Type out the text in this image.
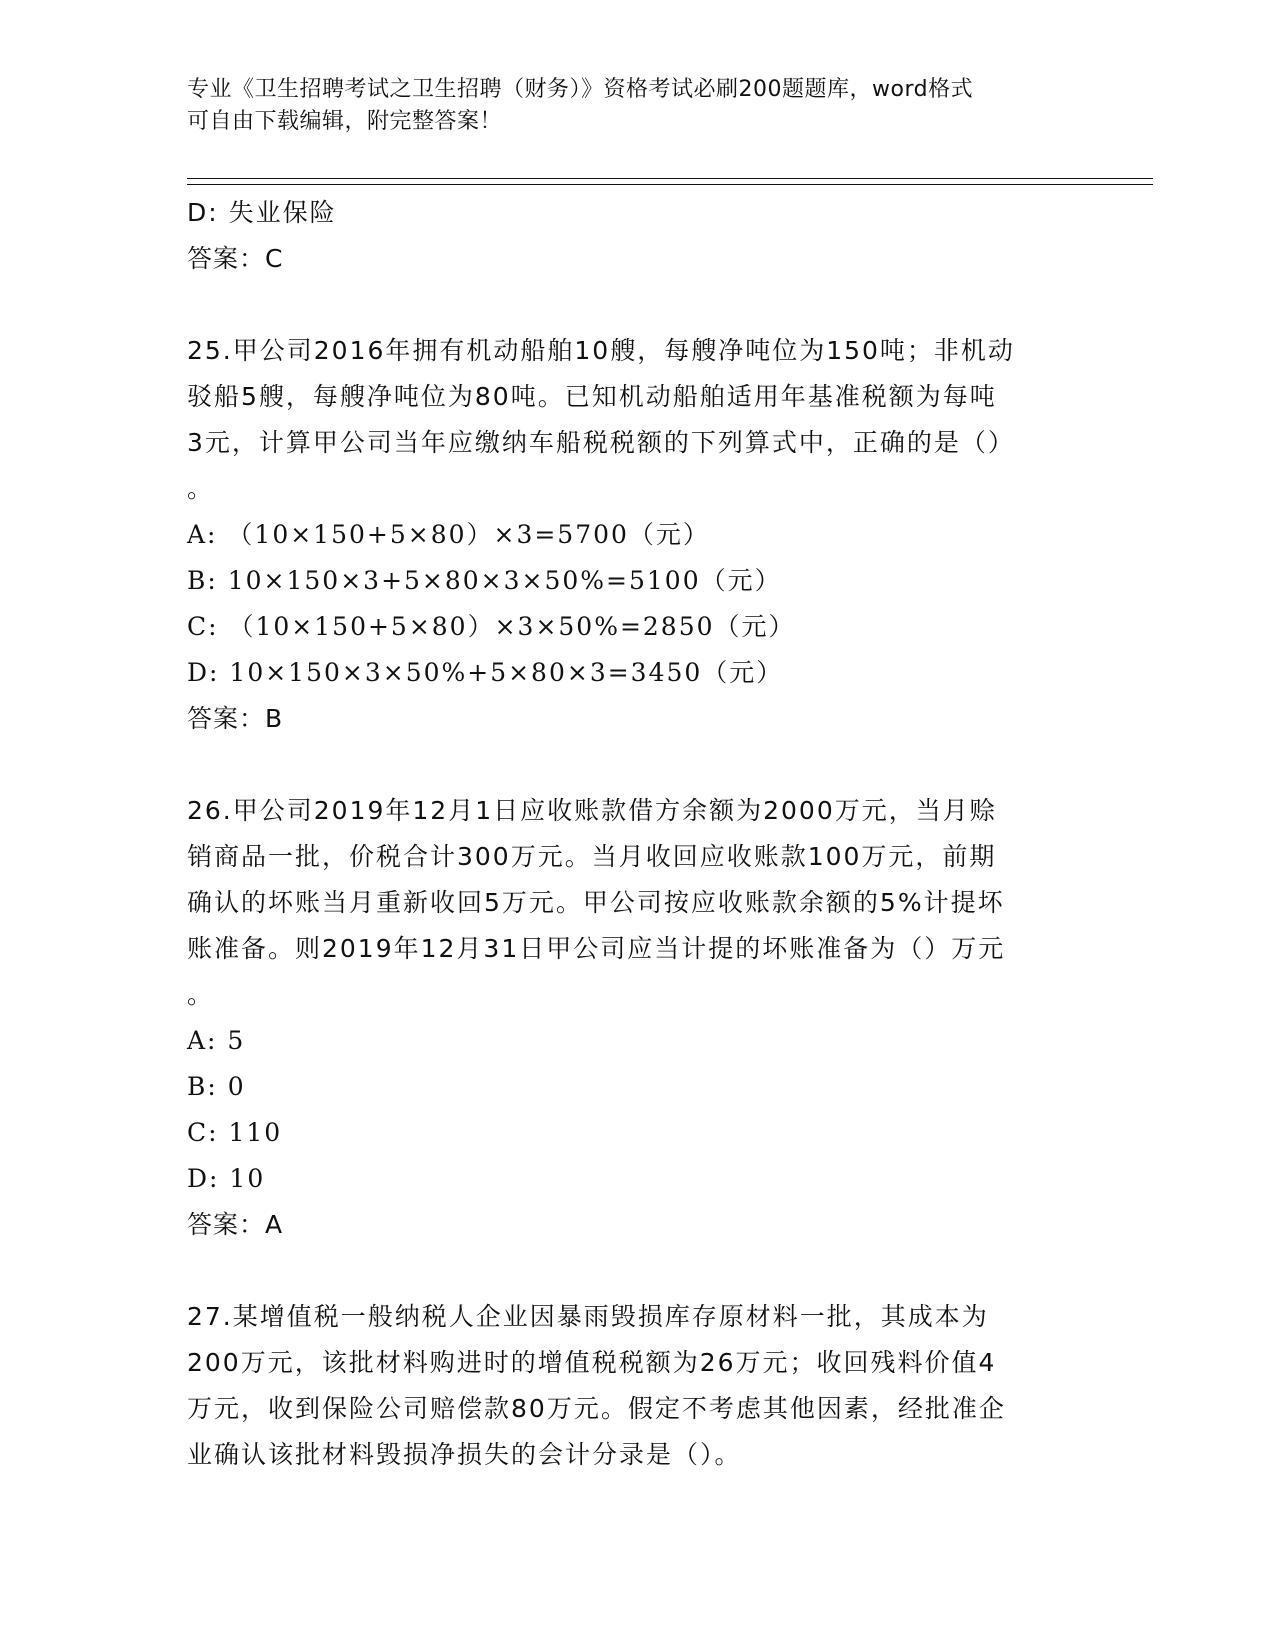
专业《卫生招聘考试之卫生招聘（财务）》资格考试必刷200题题库，word格式
可自由下载编辑，附完整答案！
D: 失业保险
答案：C
25.甲公司2016年拥有机动船舶10艘，每艘净吨位为150吨；非机动
驳船5艘，每艘净吨位为80吨。已知机动船舶适用年基准税额为每吨
3元，计算甲公司当年应缴纳车船税税额的下列算式中，正确的是（）
。
A: （10×150+5×80）×3=5700（元）
B: 10×150×3+5×80×3×50%=5100（元）
C: （10×150+5×80）×3×50%=2850（元）
D: 10×150×3×50%+5×80×3=3450（元）
答案：B
26.甲公司2019年12月1日应收账款借方余额为2000万元，当月赊
销商品一批，价税合计300万元。当月收回应收账款100万元，前期
确认的坏账当月重新收回5万元。甲公司按应收账款余额的5%计提坏
账准备。则2019年12月31日甲公司应当计提的坏账准备为（）万元
。
A: 5
B: 0
C: 110
D: 10
答案：A
27.某增值税一般纳税人企业因暴雨毁损库存原材料一批，其成本为
200万元，该批材料购进时的增值税税额为26万元；收回残料价值4
万元，收到保险公司赔偿款80万元。假定不考虑其他因素，经批准企
业确认该批材料毁损净损失的会计分录是（）。
